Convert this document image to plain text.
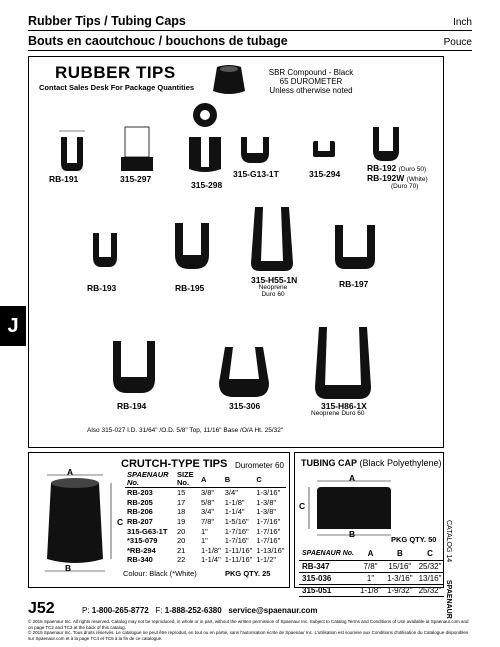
Rubber Tips / Tubing Caps	Inch
Bouts en caoutchouc / bouchons de tubage	Pouce
J
RUBBER TIPS
Contact Sales Desk For Package Quantities
SBR Compound - Black
65 DUROMETER
Unless otherwise noted
RB-191	315-297
315-298
315-G13-1T	315-294
RB-192 (Duro 50)
RB-192W (White)
(Duro 70)
RB-193	RB-195
315-H55-1N
Neoprene
Duro 60
RB-197
RB-194	315-306	315-H86-1X
Neoprene Duro 60
Also 315-027 I.D. 31/64" /O.D. 5/8" Top, 11/16" Base /O/A Ht. 25/32"
CRUTCH-TYPE TIPS Durometer 60
A
B
C
SPAENAUR No.	SIZE No.	A	B	C
RB-203	15	3/8"	3/4"	1-3/16"
RB-205	17	5/8"	1-1/8"	1-3/8"
RB-206	18	3/4"	1-1/4"	1-3/8"
RB-207	19	7/8"	1-5/16"	1-7/16"
315-G63-1T	20	1"	1-7/16"	1-7/16"
*315-079	20	1"	1-7/16"	1-7/16"
*RB-294	21	1-1/8"	1-11/16"	1-13/16"
RB-340	22	1-1/4"	1-11/16"	1-1/2"
Colour: Black (*White)	PKG QTY. 25
TUBING CAP (Black Polyethylene)
A
B
C
PKG QTY. 50
SPAENAUR No.	A	B	C
RB-347	7/8"	15/16"	25/32"
315-036	1"	1-3/16"	13/16"
315-051	1-1/8"	1-9/32"	25/32"
CATALOG 14
SPAENAUR
J52	P: 1-800-265-8772 F: 1-888-252-6380 service@spaenaur.com
© 2015 Spaenaur Inc. All rights reserved. Catalog may not be reproduced, in whole or in part, without the written permission of Spaenaur Inc. Subject to Catalog Terms and Conditions of Use available at Spaenaur.com and on page TC2 and TC3 at the back of this catalog.
© 2015 Spaenaur Inc. Tous droits réservés. Le catalogue ne peut être reproduit, en tout ou en partie, sans l'autorisation écrite de Spaenaur Inc. L'utilisation est soumise aux Conditions d'utilisation du Catalogue disponibles sur Spaenaur.com et à la page TC4 et TC5 à la fin de ce catalogue.
